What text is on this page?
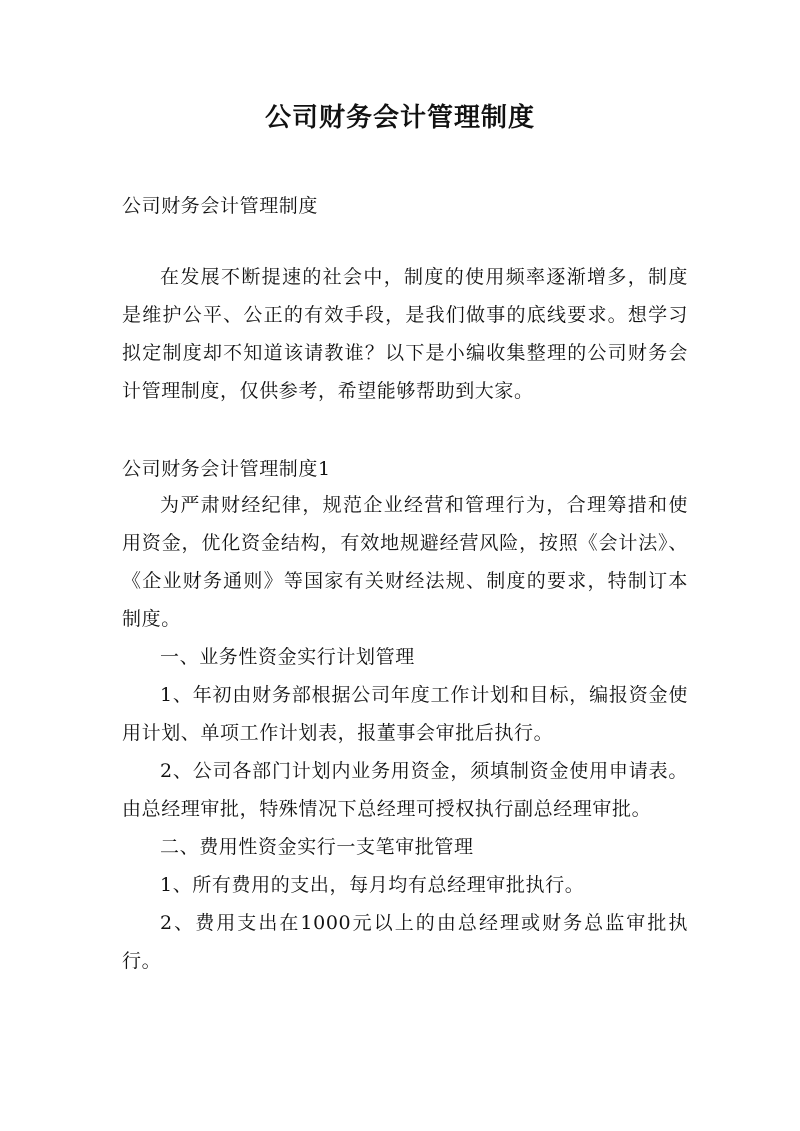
公司财务会计管理制度

公司财务会计管理制度

在发展不断提速的社会中，制度的使用频率逐渐增多，制度是维护公平、公正的有效手段，是我们做事的底线要求。想学习拟定制度却不知道该请教谁？以下是小编收集整理的公司财务会计管理制度，仅供参考，希望能够帮助到大家。

公司财务会计管理制度1

为严肃财经纪律，规范企业经营和管理行为，合理筹措和使用资金，优化资金结构，有效地规避经营风险，按照《会计法》、《企业财务通则》等国家有关财经法规、制度的要求，特制订本制度。

一、业务性资金实行计划管理

1、年初由财务部根据公司年度工作计划和目标，编报资金使用计划、单项工作计划表，报董事会审批后执行。

2、公司各部门计划内业务用资金，须填制资金使用申请表。由总经理审批，特殊情况下总经理可授权执行副总经理审批。

二、费用性资金实行一支笔审批管理

1、所有费用的支出，每月均有总经理审批执行。

2、费用支出在1000元以上的由总经理或财务总监审批执行。
